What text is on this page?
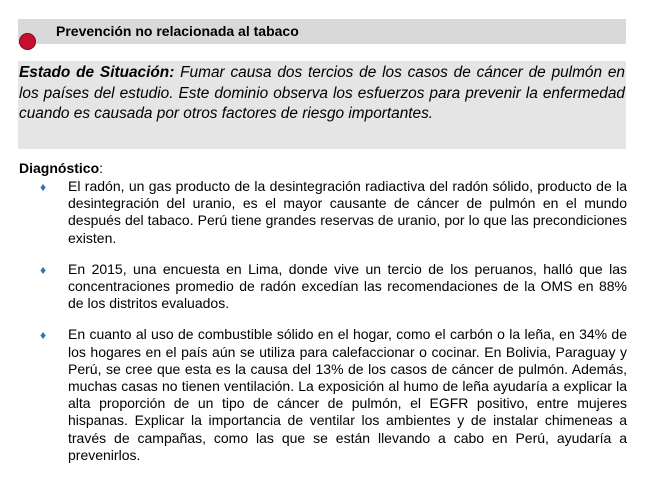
Prevención no relacionada al tabaco
Estado de Situación: Fumar causa dos tercios de los casos de cáncer de pulmón en los países del estudio. Este dominio observa los esfuerzos para prevenir la enfermedad cuando es causada por otros factores de riesgo importantes.
Diagnóstico:
♦ El radón, un gas producto de la desintegración radiactiva del radón sólido, producto de la desintegración del uranio, es el mayor causante de cáncer de pulmón en el mundo después del tabaco. Perú tiene grandes reservas de uranio, por lo que las precondiciones existen.
♦ En 2015, una encuesta en Lima, donde vive un tercio de los peruanos, halló que las concentraciones promedio de radón excedían las recomendaciones de la OMS en 88% de los distritos evaluados.
♦ En cuanto al uso de combustible sólido en el hogar, como el carbón o la leña, en 34% de los hogares en el país aún se utiliza para calefaccionar o cocinar. En Bolivia, Paraguay y Perú, se cree que esta es la causa del 13% de los casos de cáncer de pulmón. Además, muchas casas no tienen ventilación. La exposición al humo de leña ayudaría a explicar la alta proporción de un tipo de cáncer de pulmón, el EGFR positivo, entre mujeres hispanas. Explicar la importancia de ventilar los ambientes y de instalar chimeneas a través de campañas, como las que se están llevando a cabo en Perú, ayudaría a prevenirlos.
